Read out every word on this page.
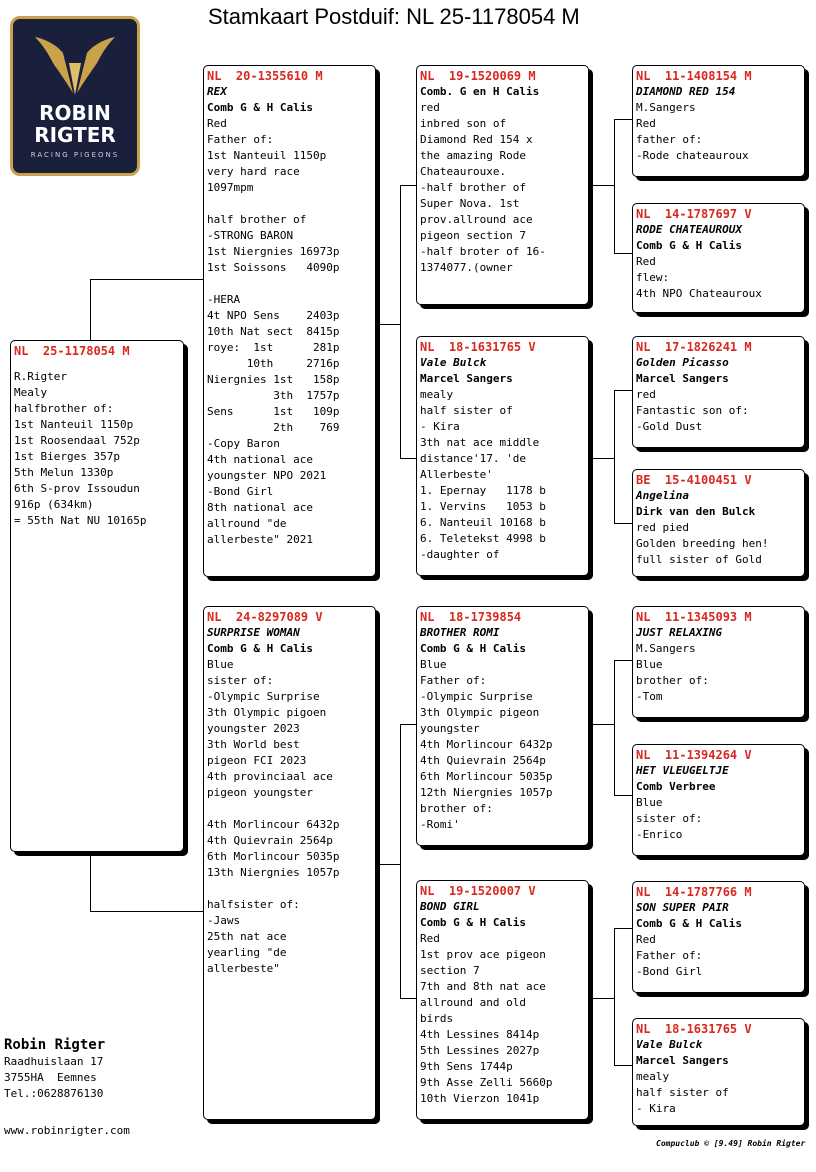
Stamkaart Postduif: NL 25-1178054 M
ROBIN
RIGTER
RACING PIGEONS
NL  25-1178054 M
R.Rigter
Mealy
halfbrother of:
1st Nanteuil 1150p
1st Roosendaal 752p
1st Bierges 357p
5th Melun 1330p
6th S-prov Issoudun
916p (634km)
= 55th Nat NU 10165p
NL  20-1355610 M
REX
Comb G & H Calis
Red
Father of:
1st Nanteuil 1150p
very hard race
1097mpm

half brother of
-STRONG BARON
1st Niergnies 16973p
1st Soissons   4090p

-HERA
4t NPO Sens    2403p
10th Nat sect  8415p
roye:  1st      281p
10th     2716p
Niergnies 1st   158p
3th  1757p
Sens      1st   109p
2th    769
-Copy Baron
4th national ace
youngster NPO 2021
-Bond Girl
8th national ace
allround "de
allerbeste" 2021
NL  24-8297089 V
SURPRISE WOMAN
Comb G & H Calis
Blue
sister of:
-Olympic Surprise
3th Olympic pigoen
youngster 2023
3th World best
pigeon FCI 2023
4th provinciaal ace
pigeon youngster

4th Morlincour 6432p
4th Quievrain 2564p
6th Morlincour 5035p
13th Niergnies 1057p

halfsister of:
-Jaws
25th nat ace
yearling "de
allerbeste"
NL  19-1520069 M
Comb. G en H Calis
red
inbred son of
Diamond Red 154 x
the amazing Rode
Chateaurouxe.
-half brother of
Super Nova. 1st
prov.allround ace
pigeon section 7
-half broter of 16-
1374077.(owner
NL  18-1631765 V
Vale Bulck
Marcel Sangers
mealy
half sister of
- Kira
3th nat ace middle
distance'17. 'de
Allerbeste'
1. Epernay   1178 b
1. Vervins   1053 b
6. Nanteuil 10168 b
6. Teletekst 4998 b
-daughter of
NL  18-1739854
BROTHER ROMI
Comb G & H Calis
Blue
Father of:
-Olympic Surprise
3th Olympic pigeon
youngster
4th Morlincour 6432p
4th Quievrain 2564p
6th Morlincour 5035p
12th Niergnies 1057p
brother of:
-Romi'
NL  19-1520007 V
BOND GIRL
Comb G & H Calis
Red
1st prov ace pigeon
section 7
7th and 8th nat ace
allround and old
birds
4th Lessines 8414p
5th Lessines 2027p
9th Sens 1744p
9th Asse Zelli 5660p
10th Vierzon 1041p
NL  11-1408154 M
DIAMOND RED 154
M.Sangers
Red
father of:
-Rode chateauroux
NL  14-1787697 V
RODE CHATEAUROUX
Comb G & H Calis
Red
flew:
4th NPO Chateauroux
NL  17-1826241 M
Golden Picasso
Marcel Sangers
red
Fantastic son of:
-Gold Dust
BE  15-4100451 V
Angelina
Dirk van den Bulck
red pied
Golden breeding hen!
full sister of Gold
NL  11-1345093 M
JUST RELAXING
M.Sangers
Blue
brother of:
-Tom
NL  11-1394264 V
HET VLEUGELTJE
Comb Verbree
Blue
sister of:
-Enrico
NL  14-1787766 M
SON SUPER PAIR
Comb G & H Calis
Red
Father of:
-Bond Girl
NL  18-1631765 V
Vale Bulck
Marcel Sangers
mealy
half sister of
- Kira
Robin Rigter
Raadhuislaan 17
3755HA  Eemnes
Tel.:0628876130
www.robinrigter.com
Compuclub © [9.49] Robin Rigter
